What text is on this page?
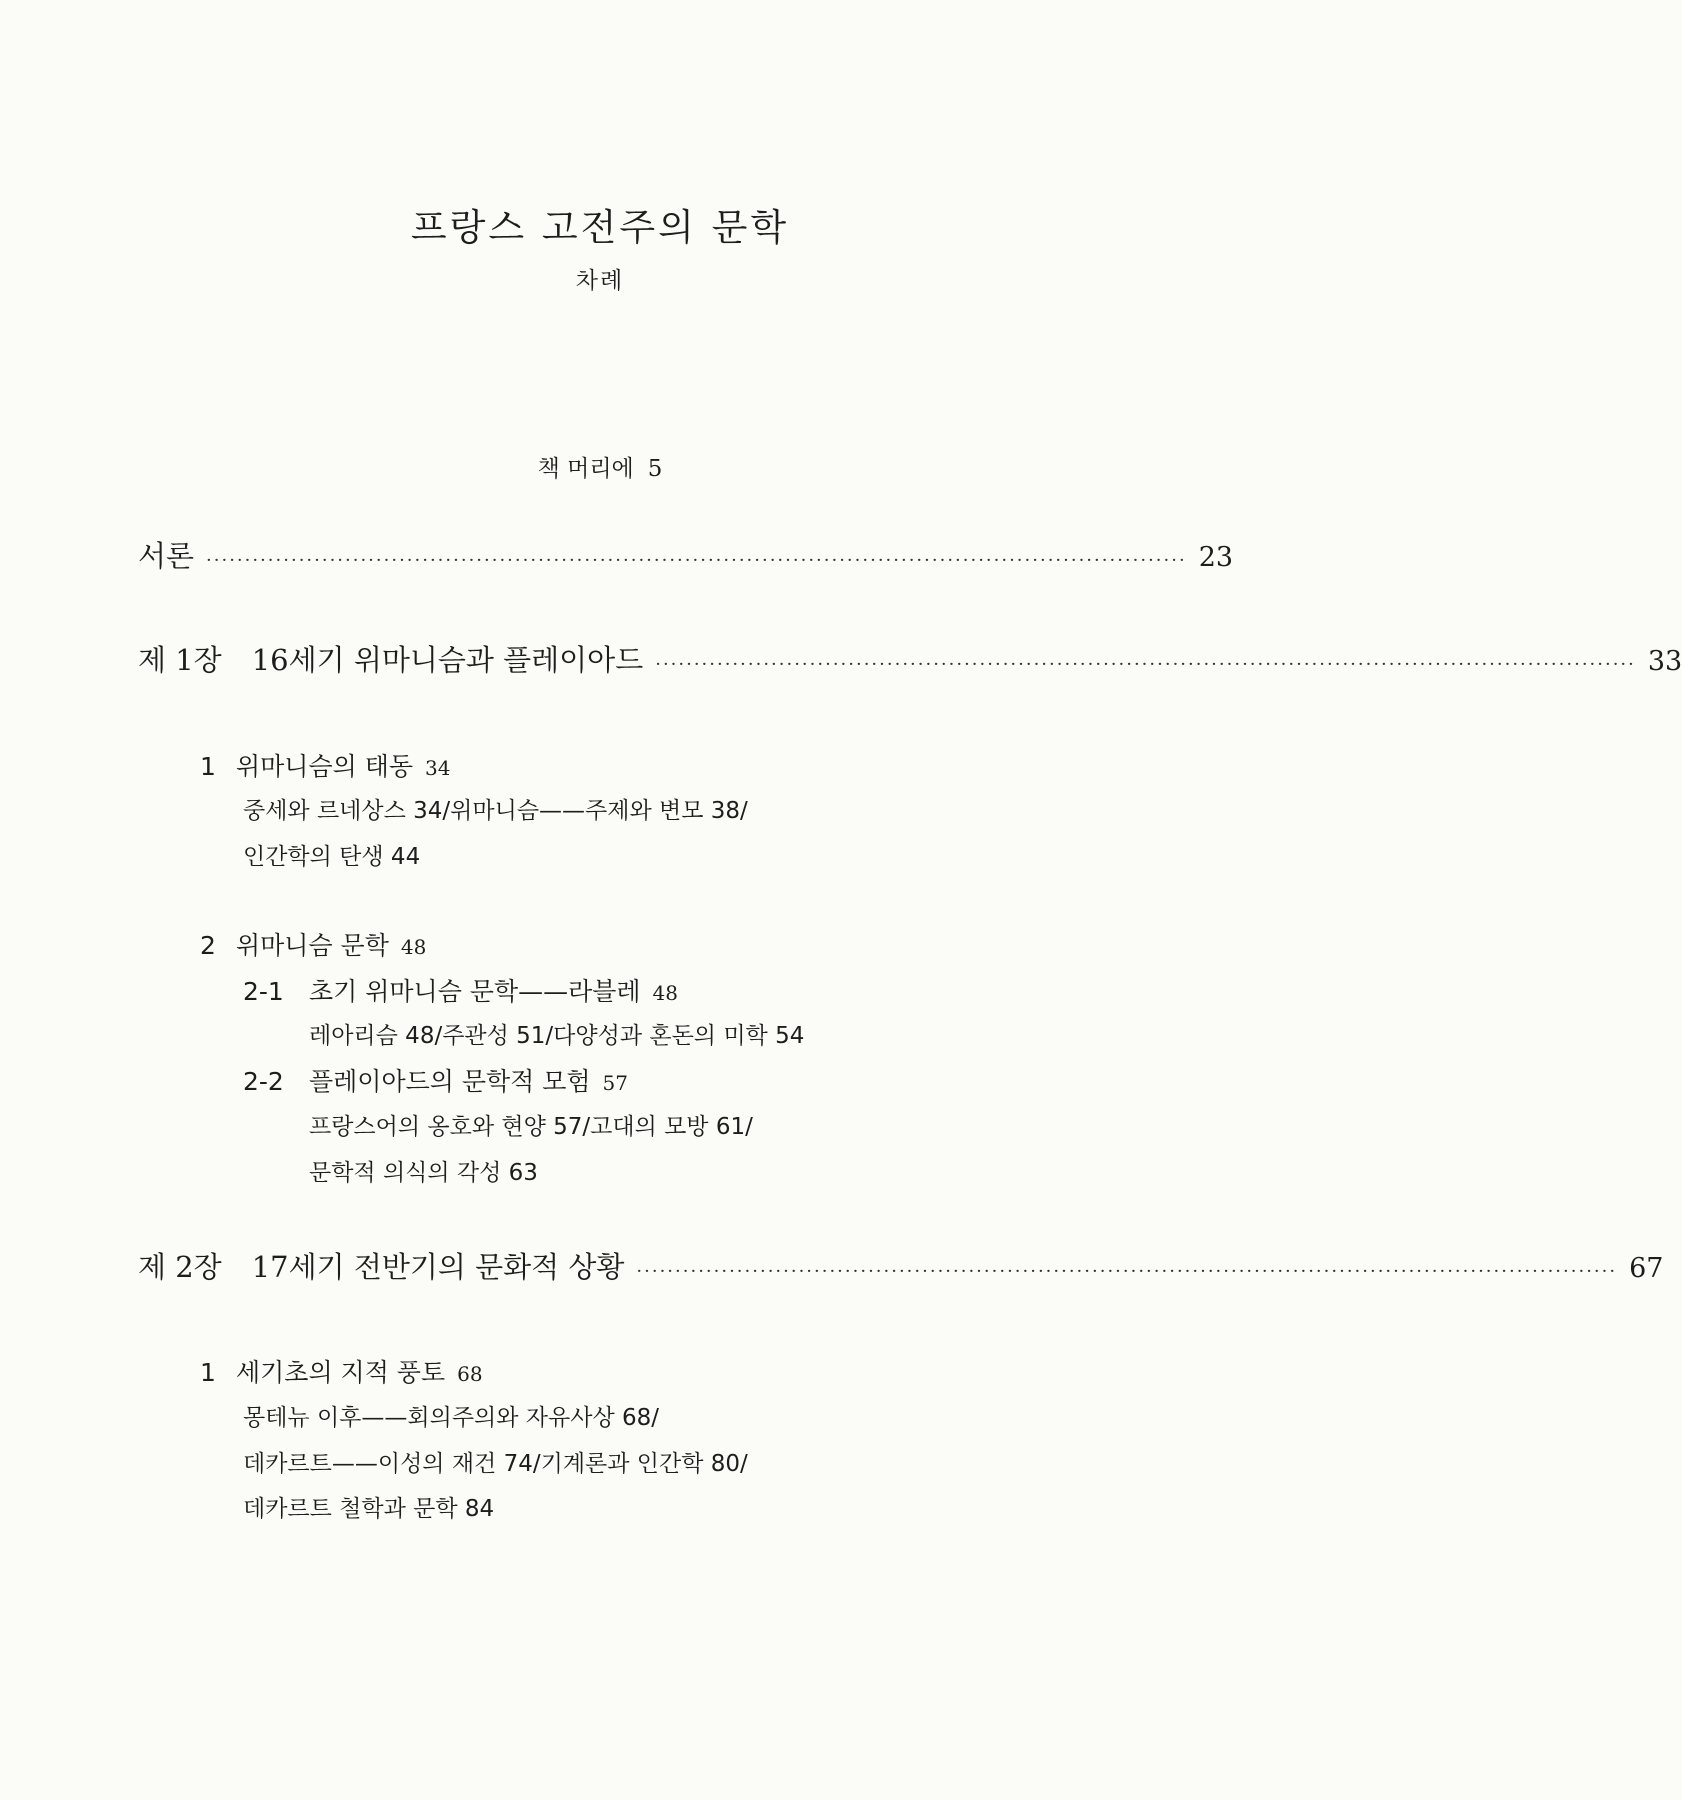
프랑스 고전주의 문학
차례
책 머리에 5
서론 ······························································································································· 23
제 1장 16세기 위마니슴과 플레이아드 ······························································································································· 33
1 위마니슴의 태동 34
중세와 르네상스 34/위마니슴——주제와 변모 38/
인간학의 탄생 44
2 위마니슴 문학 48
2-1 초기 위마니슴 문학——라블레 48
레아리슴 48/주관성 51/다양성과 혼돈의 미학 54
2-2 플레이아드의 문학적 모험 57
프랑스어의 옹호와 현양 57/고대의 모방 61/
문학적 의식의 각성 63
제 2장 17세기 전반기의 문화적 상황 ······························································································································· 67
1 세기초의 지적 풍토 68
몽테뉴 이후——회의주의와 자유사상 68/
데카르트——이성의 재건 74/기계론과 인간학 80/
데카르트 철학과 문학 84
